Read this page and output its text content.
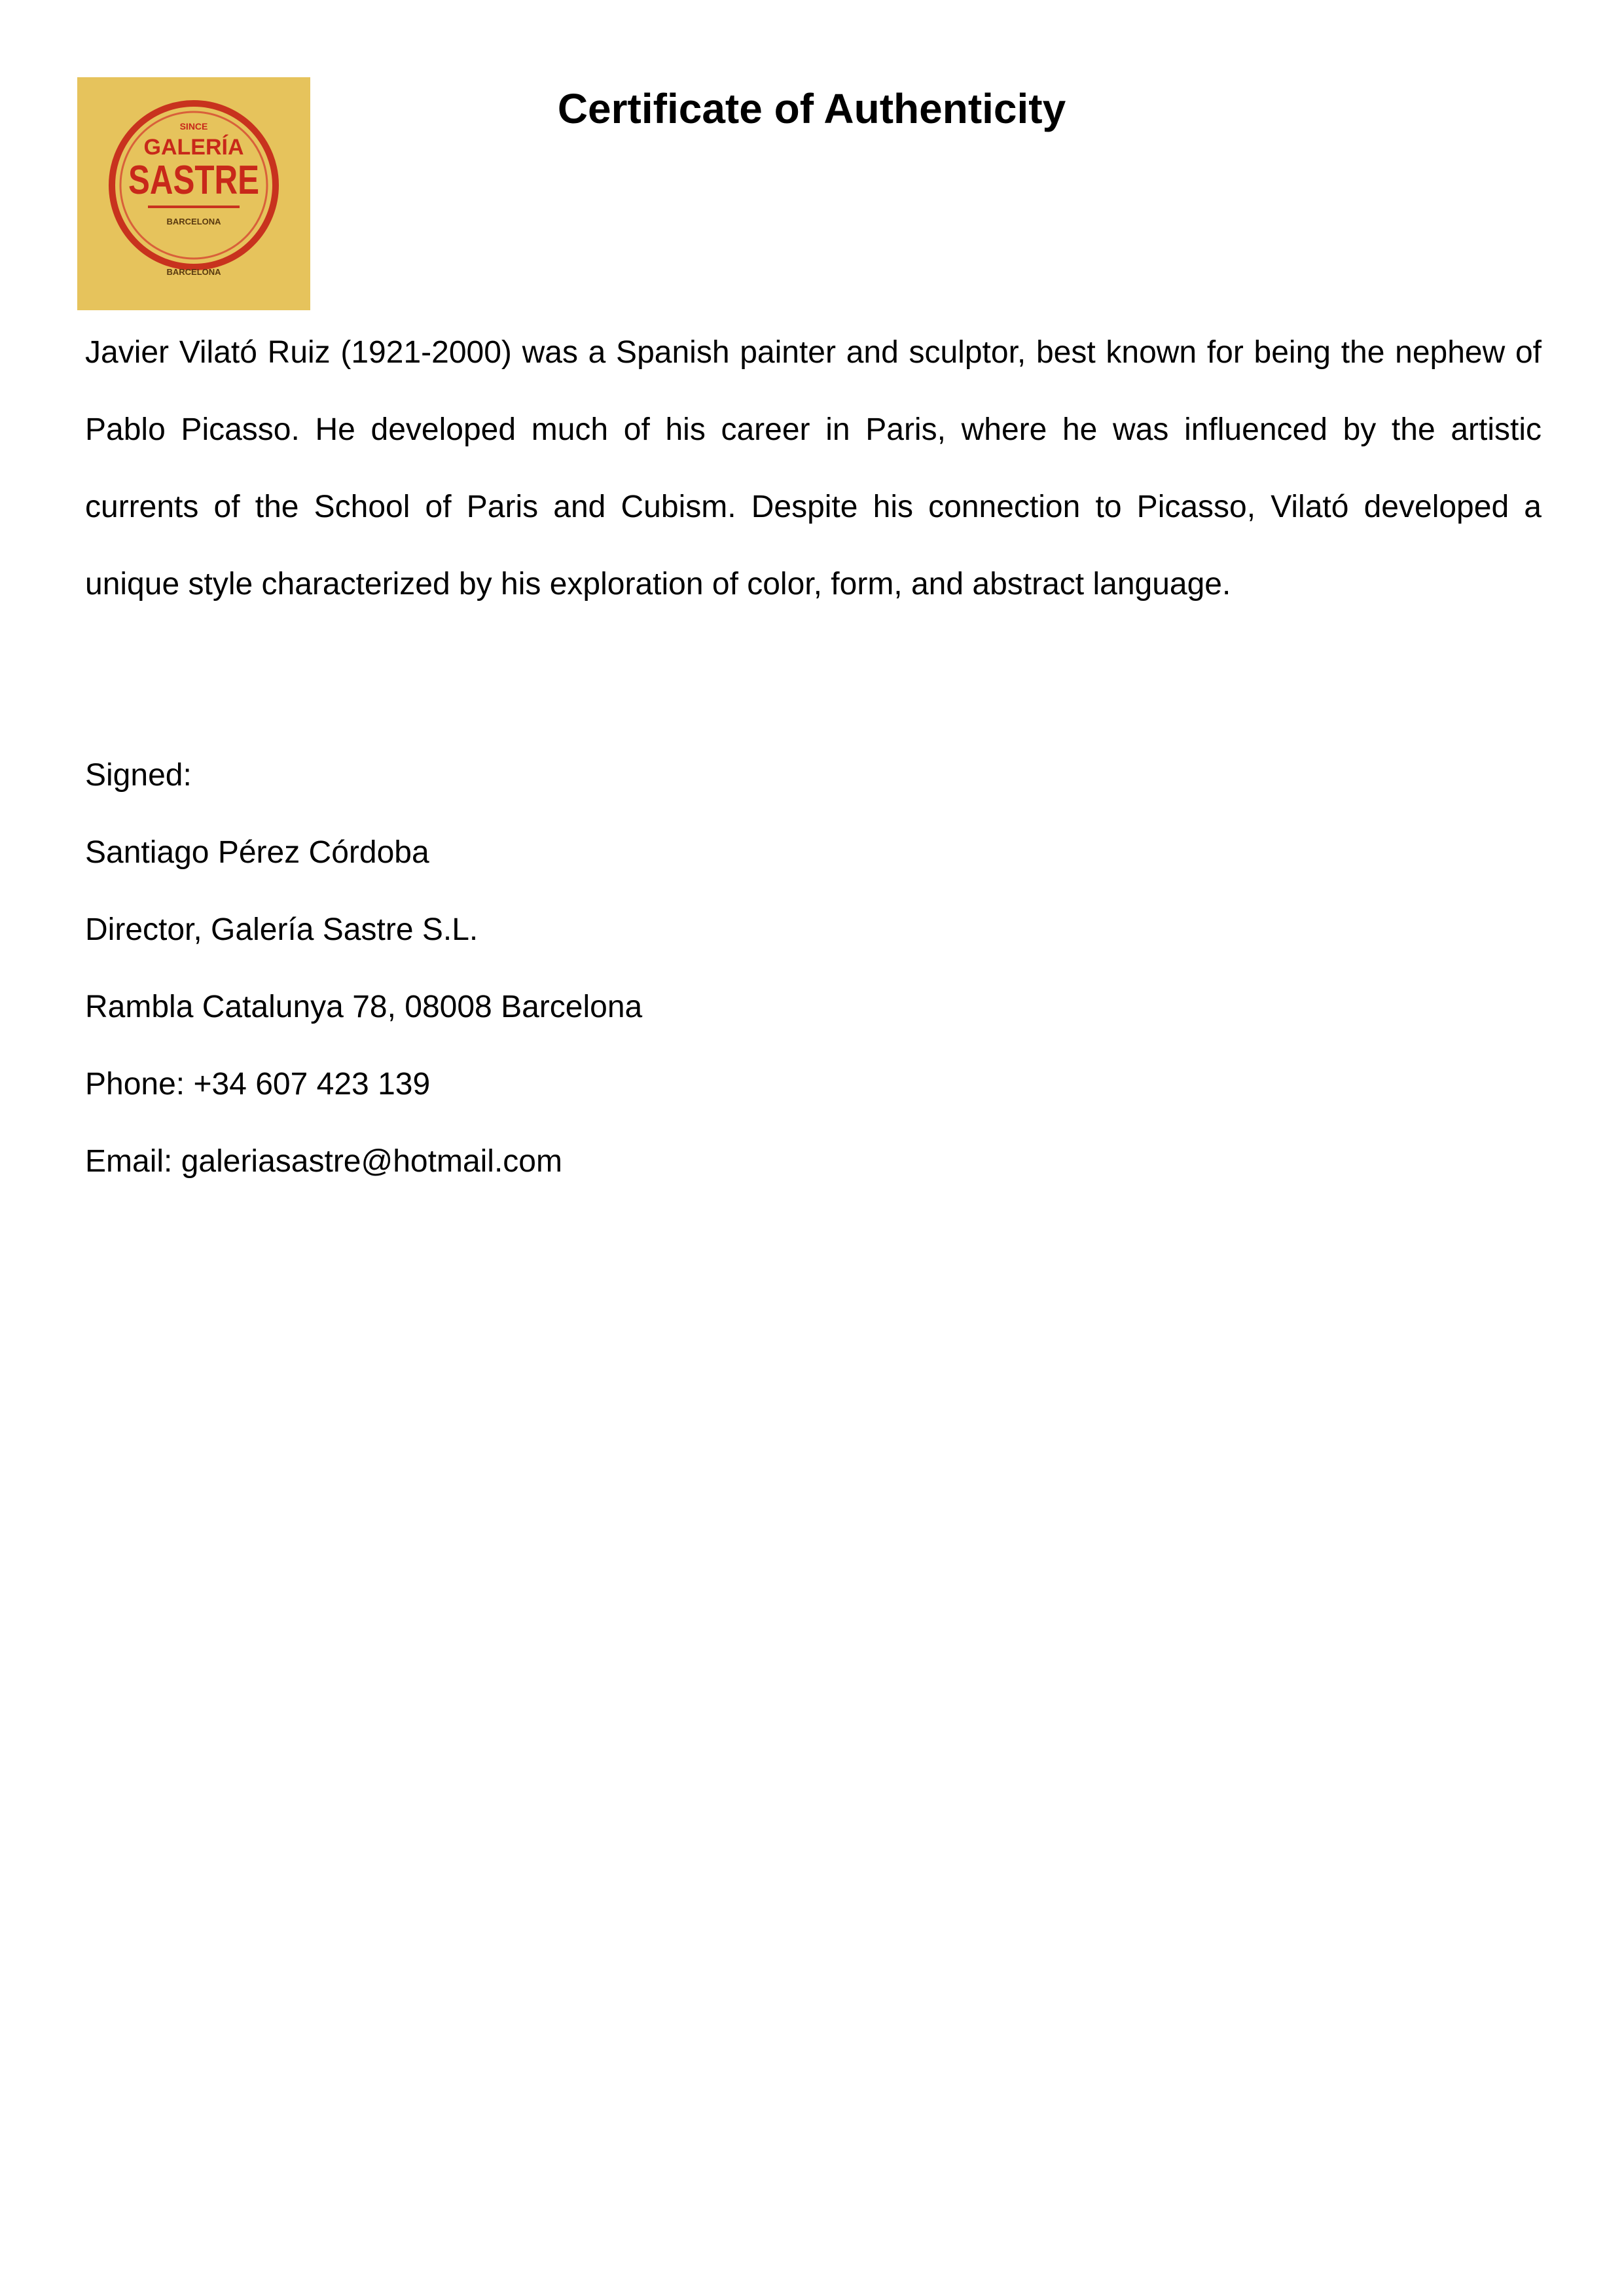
SINCE
GALERÍA
SASTRE
BARCELONA
BARCELONA
Certificate of Authenticity

Javier Vilató Ruiz (1921-2000) was a Spanish painter and sculptor, best known for being the nephew of Pablo Picasso. He developed much of his career in Paris, where he was influenced by the artistic currents of the School of Paris and Cubism. Despite his connection to Picasso, Vilató developed a unique style characterized by his exploration of color, form, and abstract language.

Signed:
Santiago Pérez Córdoba
Director, Galería Sastre S.L.
Rambla Catalunya 78, 08008 Barcelona
Phone: +34 607 423 139
Email: galeriasastre@hotmail.com
